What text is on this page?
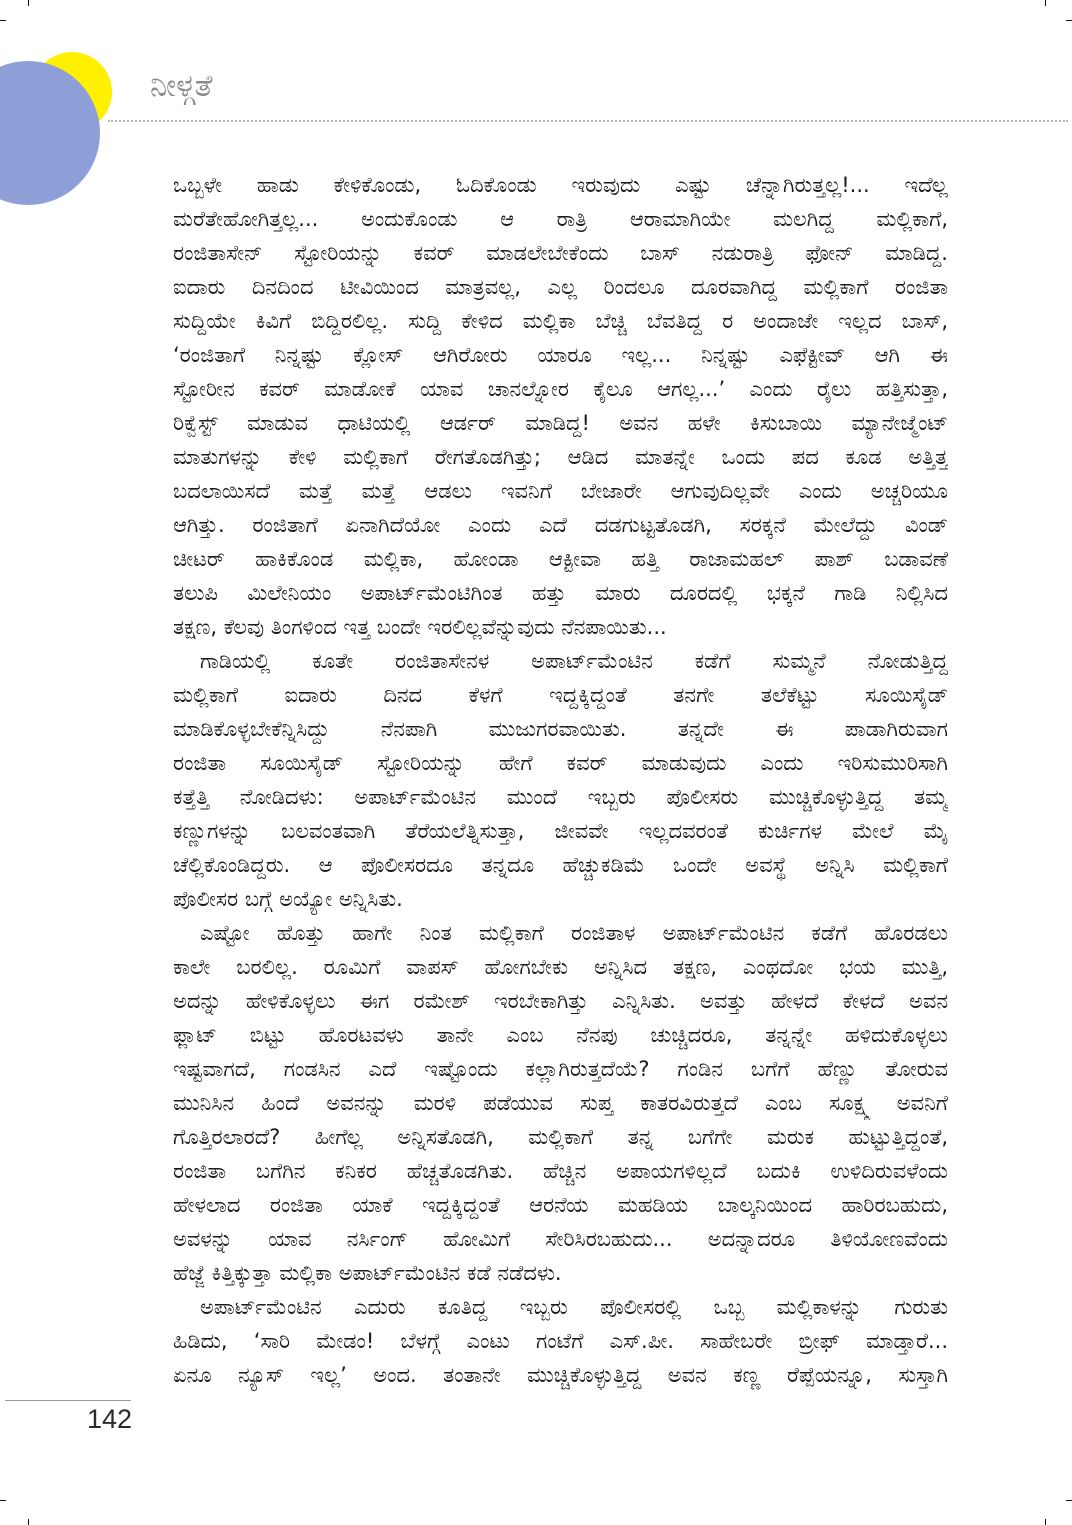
ನೀಳ್ಗತೆ
ಒಬ್ಬಳೇ ಹಾಡು ಕೇಳಿಕೊಂಡು, ಓದಿಕೊಂಡು ಇರುವುದು ಎಷ್ಟು ಚೆನ್ನಾಗಿರುತ್ತಲ್ಲ!... ಇದೆಲ್ಲ
ಮರೆತೇಹೋಗಿತ್ತಲ್ಲ... ಅಂದುಕೊಂಡು ಆ ರಾತ್ರಿ ಆರಾಮಾಗಿಯೇ ಮಲಗಿದ್ದ ಮಲ್ಲಿಕಾಗೆ,
ರಂಜಿತಾಸೇನ್ ಸ್ಟೋರಿಯನ್ನು ಕವರ್ ಮಾಡಲೇಬೇಕೆಂದು ಬಾಸ್ ನಡುರಾತ್ರಿ ಫೋನ್ ಮಾಡಿದ್ದ.
ಐದಾರು ದಿನದಿಂದ ಟೀವಿಯಿಂದ ಮಾತ್ರವಲ್ಲ, ಎಲ್ಲ ರಿಂದಲೂ ದೂರವಾಗಿದ್ದ ಮಲ್ಲಿಕಾಗೆ ರಂಜಿತಾ
ಸುದ್ದಿಯೇ ಕಿವಿಗೆ ಬಿದ್ದಿರಲಿಲ್ಲ. ಸುದ್ದಿ ಕೇಳಿದ ಮಲ್ಲಿಕಾ ಬೆಚ್ಚಿ ಬೆವತಿದ್ದ ರ ಅಂದಾಜೇ ಇಲ್ಲದ ಬಾಸ್,
‘ರಂಜಿತಾಗೆ ನಿನ್ನಷ್ಟು ಕ್ಲೋಸ್ ಆಗಿರೋರು ಯಾರೂ ಇಲ್ಲ... ನಿನ್ನಷ್ಟು ಎಫೆಕ್ಟೀವ್ ಆಗಿ ಈ
ಸ್ಟೋರೀನ ಕವರ್ ಮಾಡೋಕೆ ಯಾವ ಚಾನಲ್ನೋರ ಕೈಲೂ ಆಗಲ್ಲ...’ ಎಂದು ರೈಲು ಹತ್ತಿಸುತ್ತಾ,
ರಿಕ್ವೆಸ್ಟ್ ಮಾಡುವ ಧಾಟಿಯಲ್ಲಿ ಆರ್ಡರ್ ಮಾಡಿದ್ದ! ಅವನ ಹಳೇ ಕಿಸುಬಾಯಿ ಮ್ಯಾನೇಜ್ಮೆಂಟ್
ಮಾತುಗಳನ್ನು ಕೇಳಿ ಮಲ್ಲಿಕಾಗೆ ರೇಗತೊಡಗಿತ್ತು; ಆಡಿದ ಮಾತನ್ನೇ ಒಂದು ಪದ ಕೂಡ ಅತ್ತಿತ್ತ
ಬದಲಾಯಿಸದೆ ಮತ್ತೆ ಮತ್ತೆ ಆಡಲು ಇವನಿಗೆ ಬೇಜಾರೇ ಆಗುವುದಿಲ್ಲವೇ ಎಂದು ಅಚ್ಚರಿಯೂ
ಆಗಿತ್ತು. ರಂಜಿತಾಗೆ ಏನಾಗಿದೆಯೋ ಎಂದು ಎದೆ ದಡಗುಟ್ಟತೊಡಗಿ, ಸರಕ್ಕನೆ ಮೇಲೆದ್ದು ವಿಂಡ್
ಚೀಟರ್ ಹಾಕಿಕೊಂಡ ಮಲ್ಲಿಕಾ, ಹೋಂಡಾ ಆಕ್ಟೀವಾ ಹತ್ತಿ ರಾಜಾಮಹಲ್ ಪಾಶ್ ಬಡಾವಣೆ
ತಲುಪಿ ಮಿಲೇನಿಯಂ ಅಪಾರ್ಟ್‌ಮೆಂಟಿಗಿಂತ ಹತ್ತು ಮಾರು ದೂರದಲ್ಲಿ ಭಕ್ಕನೆ ಗಾಡಿ ನಿಲ್ಲಿಸಿದ
ತಕ್ಷಣ, ಕೆಲವು ತಿಂಗಳಿಂದ ಇತ್ತ ಬಂದೇ ಇರಲಿಲ್ಲವೆನ್ನುವುದು ನೆನಪಾಯಿತು...
ಗಾಡಿಯಲ್ಲಿ ಕೂತೇ ರಂಜಿತಾಸೇನಳ ಅಪಾರ್ಟ್‌ಮೆಂಟಿನ ಕಡೆಗೆ ಸುಮ್ಮನೆ ನೋಡುತ್ತಿದ್ದ
ಮಲ್ಲಿಕಾಗೆ ಐದಾರು ದಿನದ ಕೆಳಗೆ ಇದ್ದಕ್ಕಿದ್ದಂತೆ ತನಗೇ ತಲೆಕೆಟ್ಟು ಸೂಯಿಸೈಡ್
ಮಾಡಿಕೊಳ್ಳಬೇಕೆನ್ನಿಸಿದ್ದು ನೆನಪಾಗಿ ಮುಜುಗರವಾಯಿತು. ತನ್ನದೇ ಈ ಪಾಡಾಗಿರುವಾಗ
ರಂಜಿತಾ ಸೂಯಿಸೈಡ್ ಸ್ಟೋರಿಯನ್ನು ಹೇಗೆ ಕವರ್ ಮಾಡುವುದು ಎಂದು ಇರಿಸುಮುರಿಸಾಗಿ
ಕತ್ತೆತ್ತಿ ನೋಡಿದಳು: ಅಪಾರ್ಟ್‌ಮೆಂಟಿನ ಮುಂದೆ ಇಬ್ಬರು ಪೊಲೀಸರು ಮುಚ್ಚಿಕೊಳ್ಳುತ್ತಿದ್ದ ತಮ್ಮ
ಕಣ್ಣುಗಳನ್ನು ಬಲವಂತವಾಗಿ ತೆರೆಯಲೆತ್ನಿಸುತ್ತಾ, ಜೀವವೇ ಇಲ್ಲದವರಂತೆ ಕುರ್ಚಿಗಳ ಮೇಲೆ ಮೈ
ಚೆಲ್ಲಿಕೊಂಡಿದ್ದರು. ಆ ಪೊಲೀಸರದೂ ತನ್ನದೂ ಹೆಚ್ಚುಕಡಿಮೆ ಒಂದೇ ಅವಸ್ಥೆ ಅನ್ನಿಸಿ ಮಲ್ಲಿಕಾಗೆ
ಪೊಲೀಸರ ಬಗ್ಗೆ ಅಯ್ಯೋ ಅನ್ನಿಸಿತು.
ಎಷ್ಟೋ ಹೊತ್ತು ಹಾಗೇ ನಿಂತ ಮಲ್ಲಿಕಾಗೆ ರಂಜಿತಾಳ ಅಪಾರ್ಟ್‌ಮೆಂಟಿನ ಕಡೆಗೆ ಹೊರಡಲು
ಕಾಲೇ ಬರಲಿಲ್ಲ. ರೂಮಿಗೆ ವಾಪಸ್ ಹೋಗಬೇಕು ಅನ್ನಿಸಿದ ತಕ್ಷಣ, ಎಂಥದೋ ಭಯ ಮುತ್ತಿ,
ಅದನ್ನು ಹೇಳಿಕೊಳ್ಳಲು ಈಗ ರಮೇಶ್ ಇರಬೇಕಾಗಿತ್ತು ಎನ್ನಿಸಿತು. ಅವತ್ತು ಹೇಳದೆ ಕೇಳದೆ ಅವನ
ಫ್ಲಾಟ್ ಬಿಟ್ಟು ಹೊರಟವಳು ತಾನೇ ಎಂಬ ನೆನಪು ಚುಚ್ಚಿದರೂ, ತನ್ನನ್ನೇ ಹಳಿದುಕೊಳ್ಳಲು
ಇಷ್ಟವಾಗದೆ, ಗಂಡಸಿನ ಎದೆ ಇಷ್ಟೊಂದು ಕಲ್ಲಾಗಿರುತ್ತದೆಯೆ? ಗಂಡಿನ ಬಗೆಗೆ ಹೆಣ್ಣು ತೋರುವ
ಮುನಿಸಿನ ಹಿಂದೆ ಅವನನ್ನು ಮರಳಿ ಪಡೆಯುವ ಸುಪ್ತ ಕಾತರವಿರುತ್ತದೆ ಎಂಬ ಸೂಕ್ಷ್ಮ ಅವನಿಗೆ
ಗೊತ್ತಿರಲಾರದೆ? ಹೀಗೆಲ್ಲ ಅನ್ನಿಸತೊಡಗಿ, ಮಲ್ಲಿಕಾಗೆ ತನ್ನ ಬಗೆಗೇ ಮರುಕ ಹುಟ್ಟುತ್ತಿದ್ದಂತೆ,
ರಂಜಿತಾ ಬಗೆಗಿನ ಕನಿಕರ ಹೆಚ್ಚತೊಡಗಿತು. ಹೆಚ್ಚಿನ ಅಪಾಯಗಳಿಲ್ಲದೆ ಬದುಕಿ ಉಳಿದಿರುವಳೆಂದು
ಹೇಳಲಾದ ರಂಜಿತಾ ಯಾಕೆ ಇದ್ದಕ್ಕಿದ್ದಂತೆ ಆರನೆಯ ಮಹಡಿಯ ಬಾಲ್ಕನಿಯಿಂದ ಹಾರಿರಬಹುದು,
ಅವಳನ್ನು ಯಾವ ನರ್ಸಿಂಗ್ ಹೋಮಿಗೆ ಸೇರಿಸಿರಬಹುದು... ಅದನ್ನಾದರೂ ತಿಳಿಯೋಣವೆಂದು
ಹೆಜ್ಜೆ ಕಿತ್ತಿಕ್ಕುತ್ತಾ ಮಲ್ಲಿಕಾ ಅಪಾರ್ಟ್‌ಮೆಂಟಿನ ಕಡೆ ನಡೆದಳು.
ಅಪಾರ್ಟ್‌ಮೆಂಟಿನ ಎದುರು ಕೂತಿದ್ದ ಇಬ್ಬರು ಪೊಲೀಸರಲ್ಲಿ ಒಬ್ಬ ಮಲ್ಲಿಕಾಳನ್ನು ಗುರುತು
ಹಿಡಿದು, ‘ಸಾರಿ ಮೇಡಂ! ಬೆಳಗ್ಗೆ ಎಂಟು ಗಂಟೆಗೆ ಎಸ್.ಪೀ. ಸಾಹೇಬರೇ ಬ್ರೀಫ್ ಮಾಡ್ತಾರೆ...
ಏನೂ ನ್ಯೂಸ್ ಇಲ್ಲ’ ಅಂದ. ತಂತಾನೇ ಮುಚ್ಚಿಕೊಳ್ಳುತ್ತಿದ್ದ ಅವನ ಕಣ್ಣ ರೆಪ್ಪೆಯನ್ನೂ, ಸುಸ್ತಾಗಿ
142
